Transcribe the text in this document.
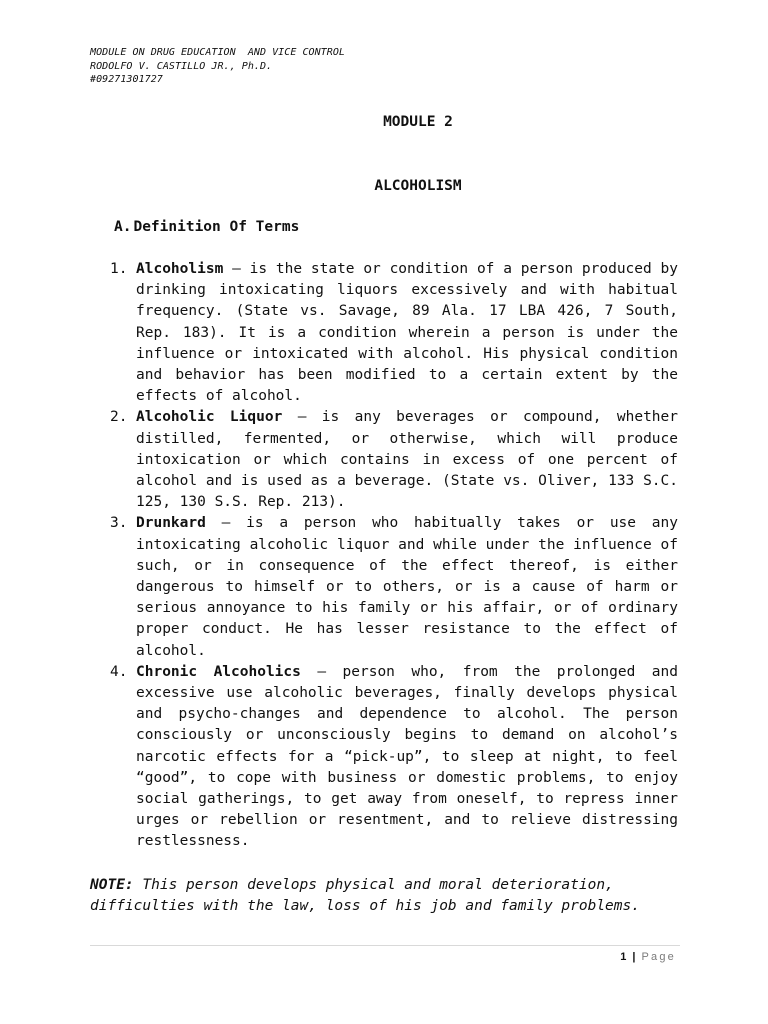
MODULE ON DRUG EDUCATION  AND VICE CONTROL
RODOLFO V. CASTILLO JR., Ph.D.
#09271301727
MODULE 2
ALCOHOLISM
A. Definition Of Terms
1. Alcoholism – is the state or condition of a person produced by drinking intoxicating liquors excessively and with habitual frequency. (State vs. Savage, 89 Ala. 17 LBA 426, 7 South, Rep. 183). It is a condition wherein a person is under the influence or intoxicated with alcohol. His physical condition and behavior has been modified to a certain extent by the effects of alcohol.
2. Alcoholic Liquor – is any beverages or compound, whether distilled, fermented, or otherwise, which will produce intoxication or which contains in excess of one percent of alcohol and is used as a beverage. (State vs. Oliver, 133 S.C. 125, 130 S.S. Rep. 213).
3. Drunkard – is a person who habitually takes or use any intoxicating alcoholic liquor and while under the influence of such, or in consequence of the effect thereof, is either dangerous to himself or to others, or is a cause of harm or serious annoyance to his family or his affair, or of ordinary proper conduct. He has lesser resistance to the effect of alcohol.
4. Chronic Alcoholics – person who, from the prolonged and excessive use alcoholic beverages, finally develops physical and psycho-changes and dependence to alcohol. The person consciously or unconsciously begins to demand on alcohol’s narcotic effects for a “pick-up”, to sleep at night, to feel “good”, to cope with business or domestic problems, to enjoy social gatherings, to get away from oneself, to repress inner urges or rebellion or resentment, and to relieve distressing restlessness.
NOTE: This person develops physical and moral deterioration, difficulties with the law, loss of his job and family problems.
1 | Page
